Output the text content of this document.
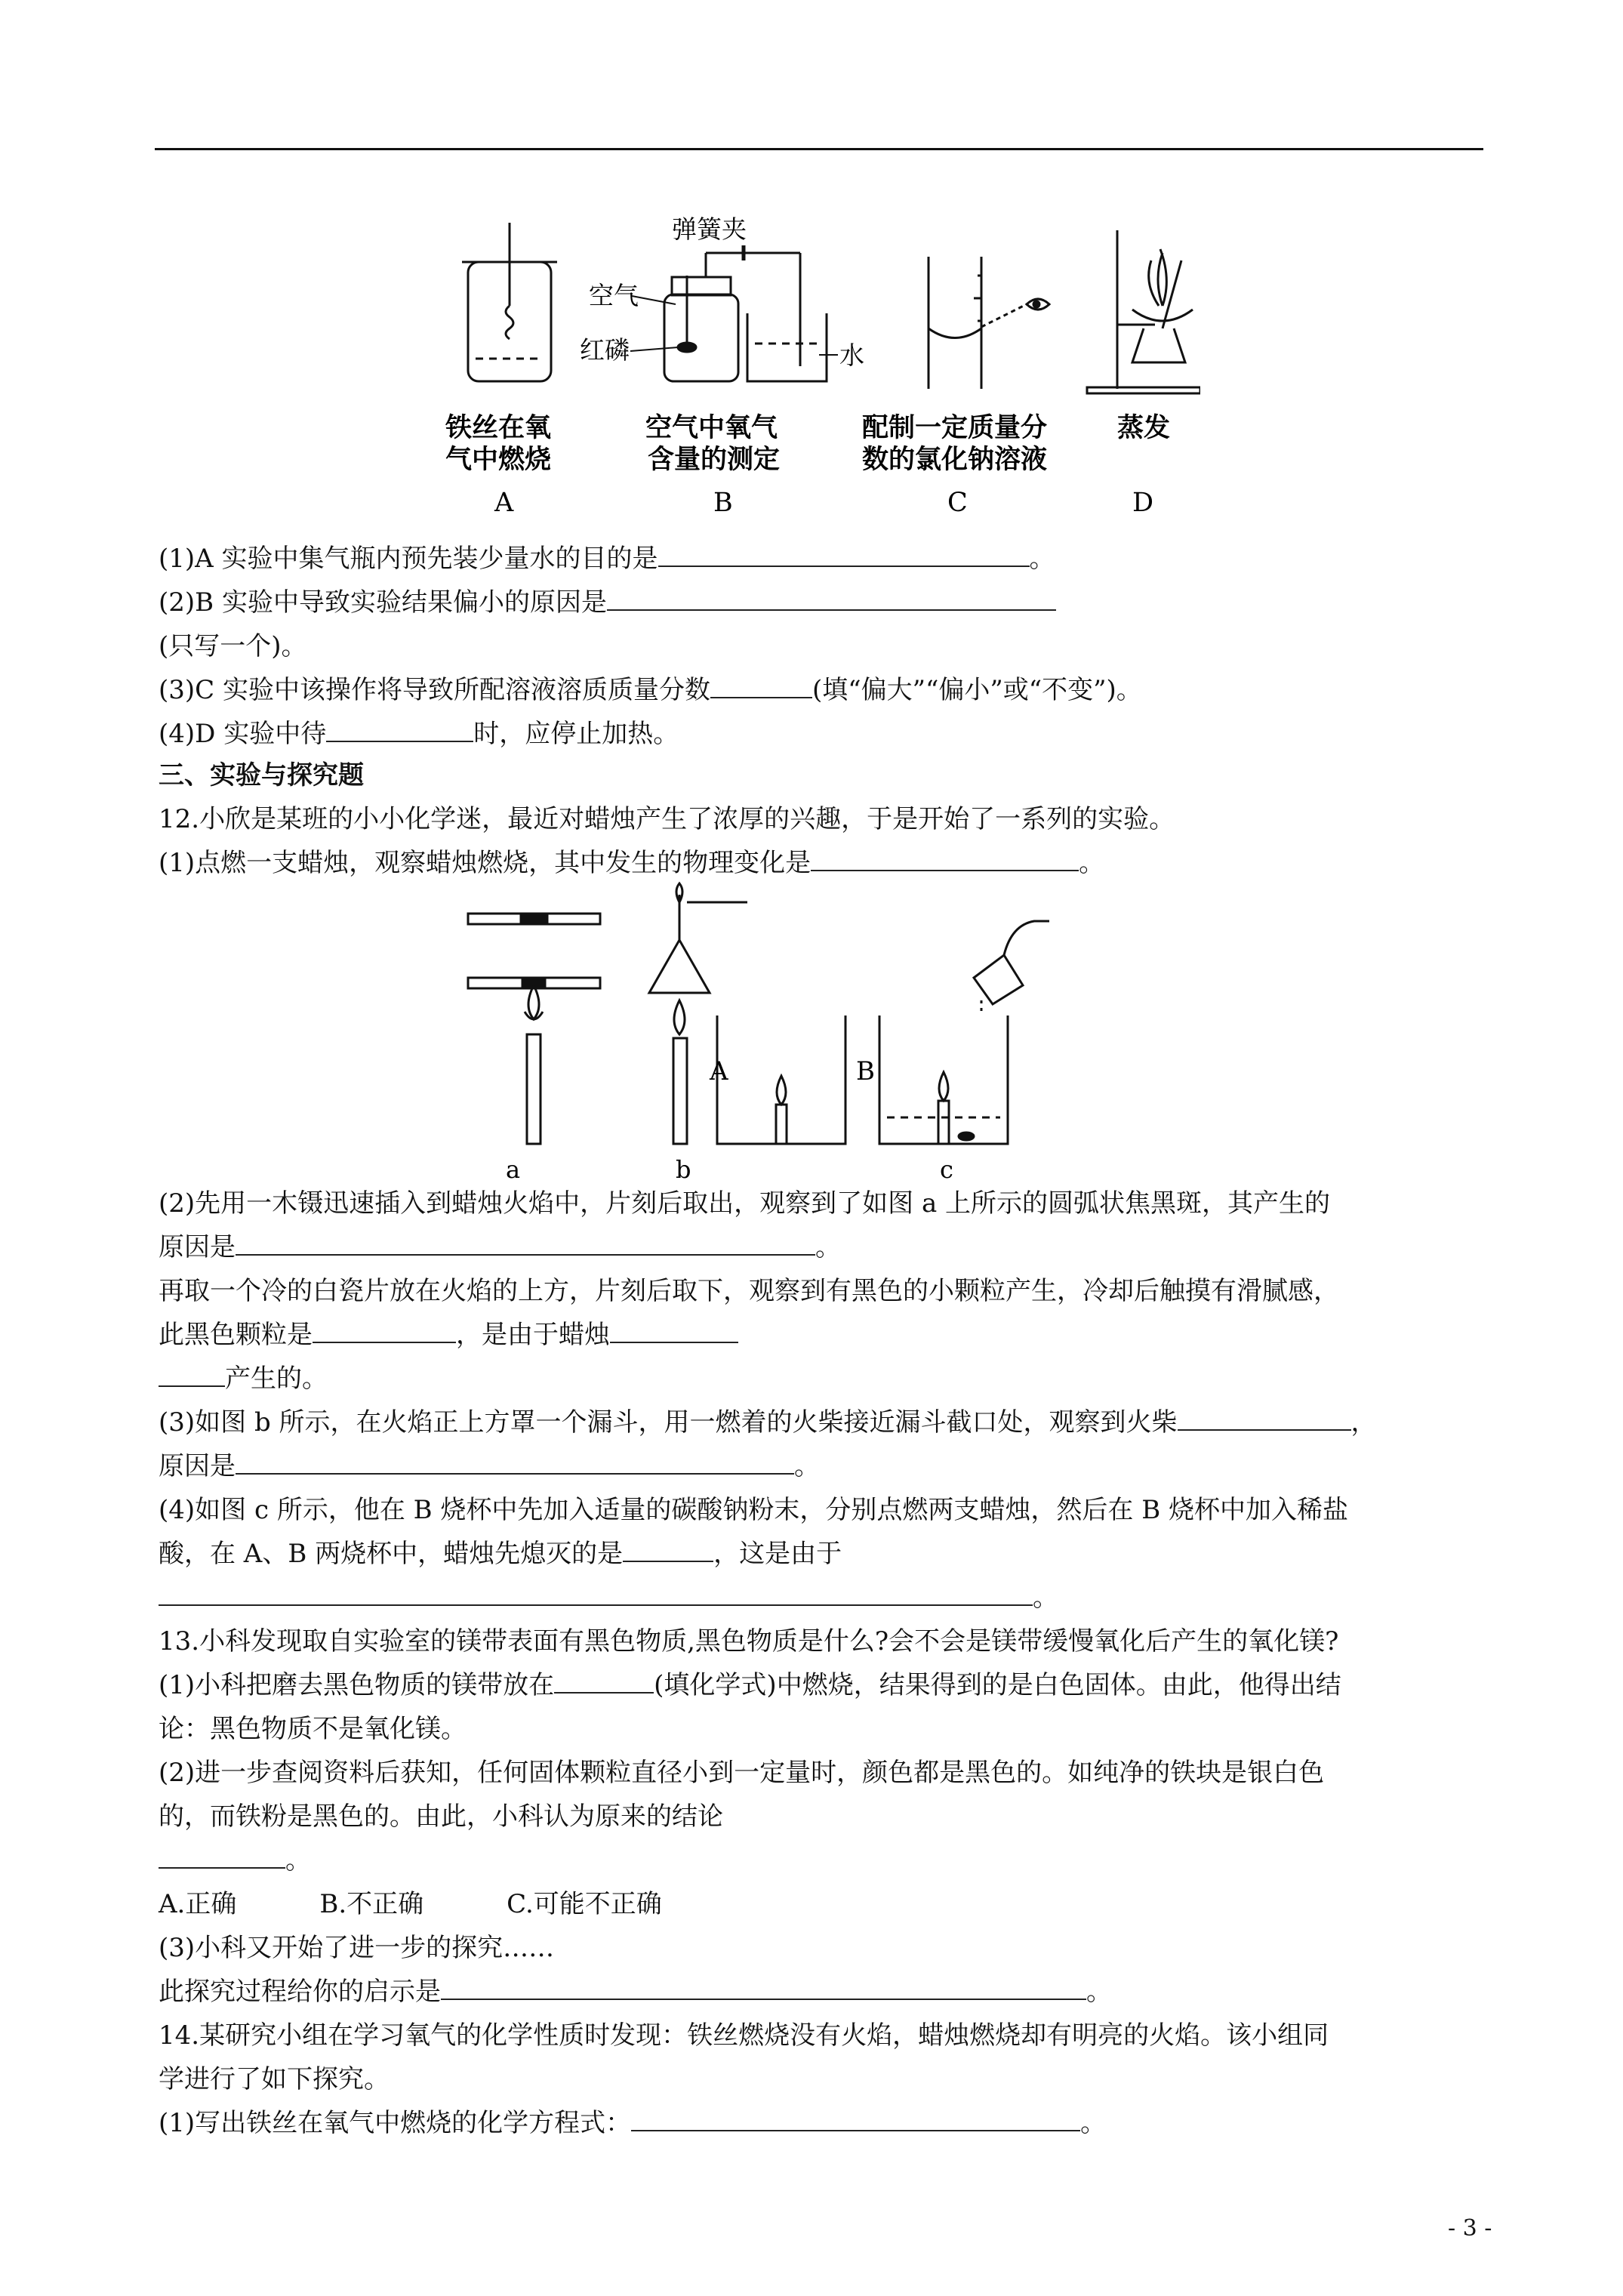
弹簧夹
空气
红磷	水
铁丝在氧
气中燃烧
A
空气中氧气
含量的测定
B
配制一定质量分
数的氯化钠溶液
C
蒸发
D
(1)A 实验中集气瓶内预先装少量水的目的是	。
(2)B 实验中导致实验结果偏小的原因是
(只写一个)。
(3)C 实验中该操作将导致所配溶液溶质质量分数	(填“偏大”“偏小”或“不变”)。
(4)D 实验中待	时，应停止加热。
三、实验与探究题
12.小欣是某班的小小化学迷，最近对蜡烛产生了浓厚的兴趣，于是开始了一系列的实验。
(1)点燃一支蜡烛，观察蜡烛燃烧，其中发生的物理变化是	。
A	B
a	b	c
(2)先用一木镊迅速插入到蜡烛火焰中，片刻后取出，观察到了如图 a 上所示的圆弧状焦黑斑，其产生的
原因是	。
再取一个冷的白瓷片放在火焰的上方，片刻后取下，观察到有黑色的小颗粒产生，冷却后触摸有滑腻感，
此黑色颗粒是	，是由于蜡烛
产生的。
(3)如图 b 所示，在火焰正上方罩一个漏斗，用一燃着的火柴接近漏斗截口处，观察到火柴	，
原因是	。
(4)如图 c 所示，他在 B 烧杯中先加入适量的碳酸钠粉末，分别点燃两支蜡烛，然后在 B 烧杯中加入稀盐
酸，在 A、B 两烧杯中，蜡烛先熄灭的是	，这是由于
。
13.小科发现取自实验室的镁带表面有黑色物质,黑色物质是什么?会不会是镁带缓慢氧化后产生的氧化镁?
(1)小科把磨去黑色物质的镁带放在	(填化学式)中燃烧，结果得到的是白色固体。由此，他得出结
论：黑色物质不是氧化镁。
(2)进一步查阅资料后获知，任何固体颗粒直径小到一定量时，颜色都是黑色的。如纯净的铁块是银白色
的，而铁粉是黑色的。由此，小科认为原来的结论
。
A.正确	B.不正确	C.可能不正确
(3)小科又开始了进一步的探究……
此探究过程给你的启示是	。
14.某研究小组在学习氧气的化学性质时发现：铁丝燃烧没有火焰，蜡烛燃烧却有明亮的火焰。该小组同
学进行了如下探究。
(1)写出铁丝在氧气中燃烧的化学方程式：	。
- 3 -
